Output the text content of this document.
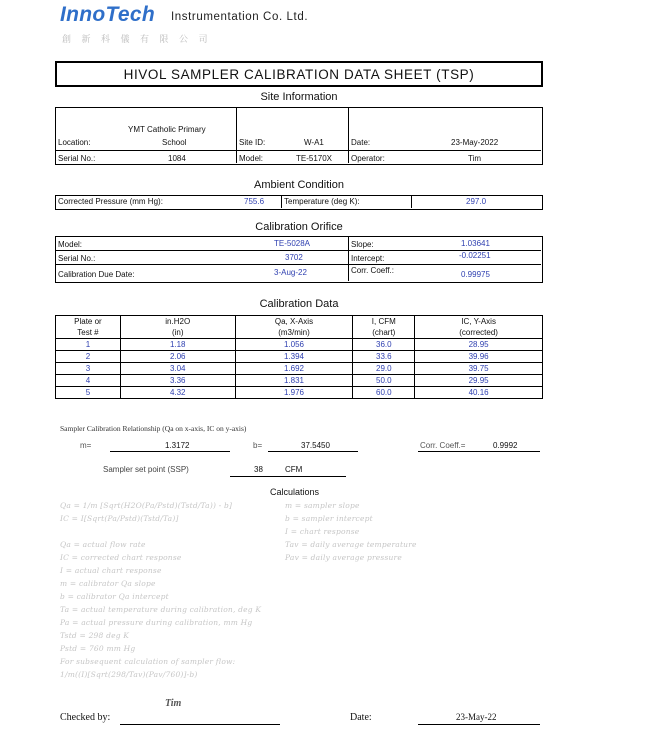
InnoTech Instrumentation Co. Ltd.
創 新 科 儀 有 限 公 司
HIVOL SAMPLER CALIBRATION DATA SHEET (TSP)
Site Information
YMT Catholic Primary
Location:	School	Site ID:	W-A1	Date:	23-May-2022
Serial No.:	1084	Model:	TE-5170X Operator:	Tim
Ambient Condition
Corrected Pressure (mm Hg):	755.6 Temperature (deg K):	297.0
Calibration Orifice
Model:	TE-5028A	Slope:	1.03641
Serial No.:	3702	Intercept:	-0.02251
Calibration Due Date:	3-Aug-22	Corr. Coeff.:	0.99975
Calibration Data
Plate or	in.H2O	Qa, X-Axis	I, CFM	IC, Y-Axis
Test #	(in)	(m3/min)	(chart)	(corrected)
1	1.18	1.056	36.0	28.95
2	2.06	1.394	33.6	39.96
3	3.04	1.692	29.0	39.75
4	3.36	1.831	50.0	29.95
5	4.32	1.976	60.0	40.16
Sampler Calibration Relationship (Qa on x-axis, IC on y-axis)
m=	1.3172	b=	37.5450	Corr. Coeff.=	0.9992
Sampler set point (SSP)	38	CFM
Calculations
Qa = 1/m [Sqrt(H2O(Pa/Pstd)(Tstd/Ta)) - b]
IC = I[Sqrt(Pa/Pstd)(Tstd/Ta)]
Qa = actual flow rate
IC = corrected chart response
I = actual chart response
m = calibrator Qa slope
b = calibrator Qa intercept
Ta = actual temperature during calibration, deg K
Pa = actual pressure during calibration, mm Hg
Tstd = 298 deg K
Pstd = 760 mm Hg
For subsequent calculation of sampler flow:
1/m((I)[Sqrt(298/Tav)(Pav/760)]-b)
m = sampler slope
b = sampler intercept
I = chart response
Tav = daily average temperature
Pav = daily average pressure
Tim
Checked by:	Date:	23-May-22
